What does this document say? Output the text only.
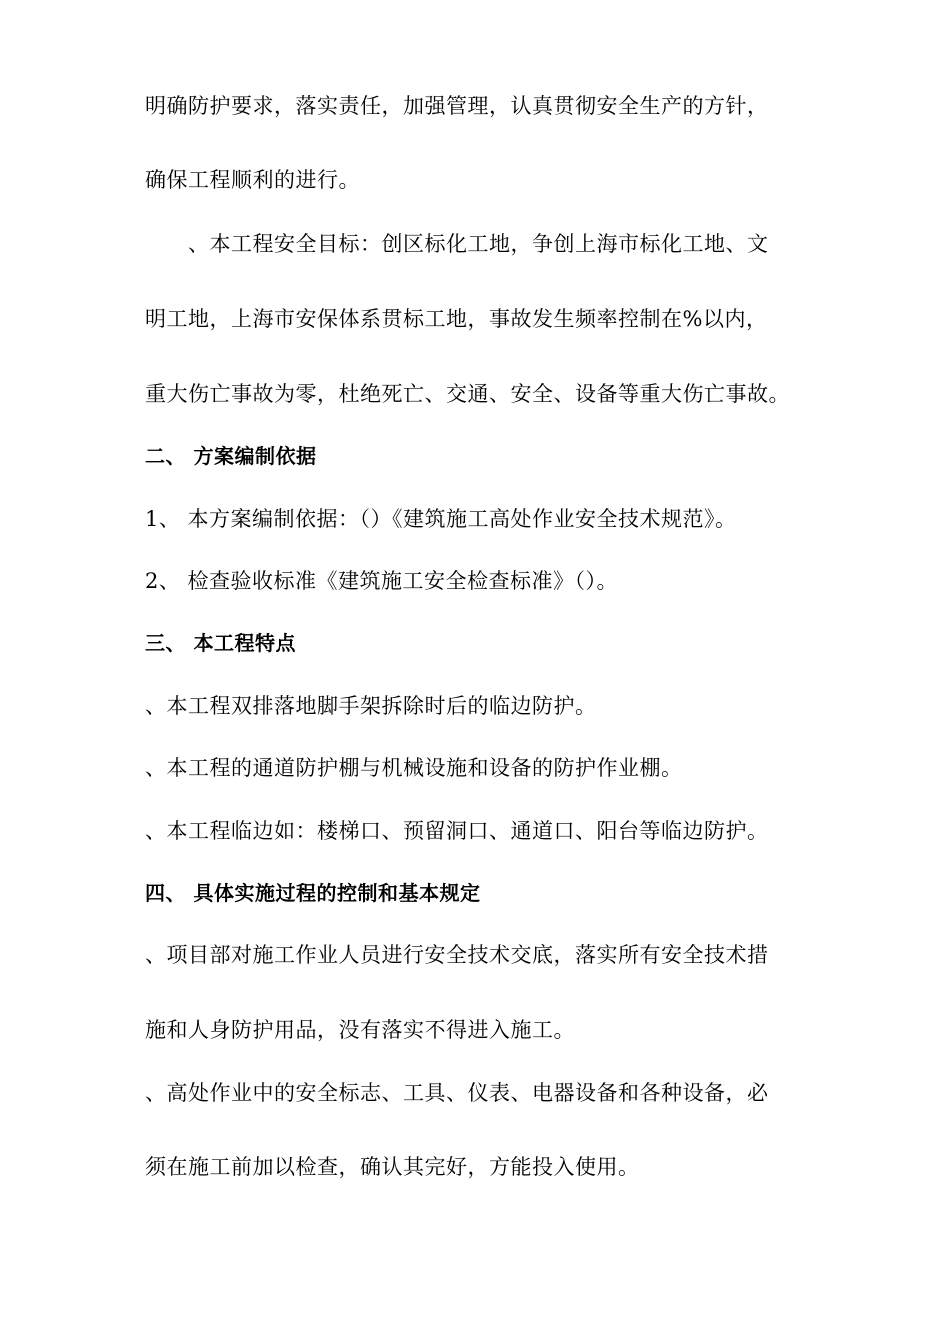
明确防护要求，落实责任，加强管理，认真贯彻安全生产的方针，
确保工程顺利的进行。
、本工程安全目标：创区标化工地，争创上海市标化工地、文
明工地，上海市安保体系贯标工地，事故发生频率控制在%以内，
重大伤亡事故为零，杜绝死亡、交通、安全、设备等重大伤亡事故。
二、 方案编制依据
1、 本方案编制依据：（）《建筑施工高处作业安全技术规范》。
2、 检查验收标准《建筑施工安全检查标准》（）。
三、 本工程特点
、本工程双排落地脚手架拆除时后的临边防护。
、本工程的通道防护棚与机械设施和设备的防护作业棚。
、本工程临边如：楼梯口、预留洞口、通道口、阳台等临边防护。
四、 具体实施过程的控制和基本规定
、项目部对施工作业人员进行安全技术交底，落实所有安全技术措
施和人身防护用品，没有落实不得进入施工。
、高处作业中的安全标志、工具、仪表、电器设备和各种设备，必
须在施工前加以检查，确认其完好，方能投入使用。
